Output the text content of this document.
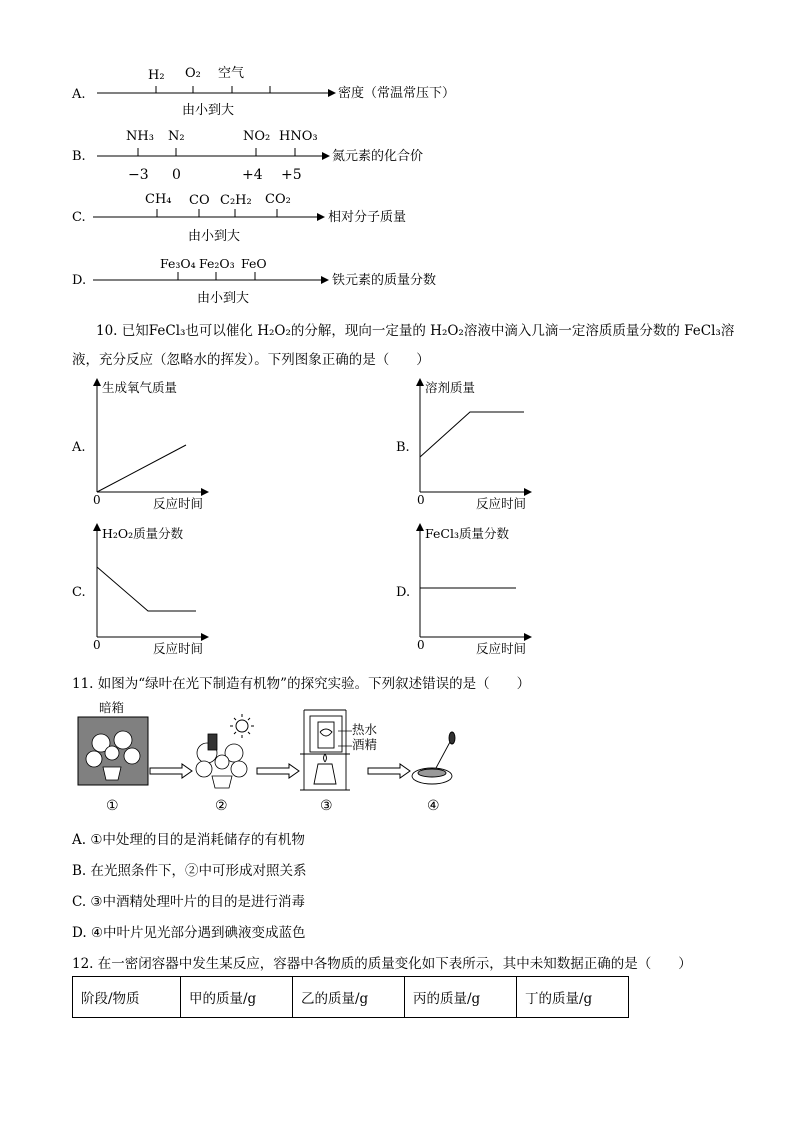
A.
H₂ O₂ 空气
由小到大
密度（常温常压下）
B.
NH₃ N₂	NO₂ HNO₃
−3 0	+4 +5
氮元素的化合价
C.
CH₄ CO C₂H₂ CO₂
由小到大
相对分子质量
D.
Fe₃O₄ Fe₂O₃ FeO
由小到大
铁元素的质量分数
10. 已知FeCl₃也可以催化 H₂O₂的分解，现向一定量的 H₂O₂溶液中滴入几滴一定溶质质量分数的 FeCl₃溶
液，充分反应（忽略水的挥发）。下列图象正确的是（　　）
A.
生成氧气质量
0	反应时间
B.
溶剂质量
0	反应时间
C.
H₂O₂质量分数
0	反应时间
D.
FeCl₃质量分数
0	反应时间
11. 如图为“绿叶在光下制造有机物”的探究实验。下列叙述错误的是（　　）
暗箱
①	②
热水
酒精
③	④
A. ①中处理的目的是消耗储存的有机物
B. 在光照条件下，②中可形成对照关系
C. ③中酒精处理叶片的目的是进行消毒
D. ④中叶片见光部分遇到碘液变成蓝色
12. 在一密闭容器中发生某反应，容器中各物质的质量变化如下表所示，其中未知数据正确的是（　　）
阶段/物质	甲的质量/g	乙的质量/g	丙的质量/g	丁的质量/g
